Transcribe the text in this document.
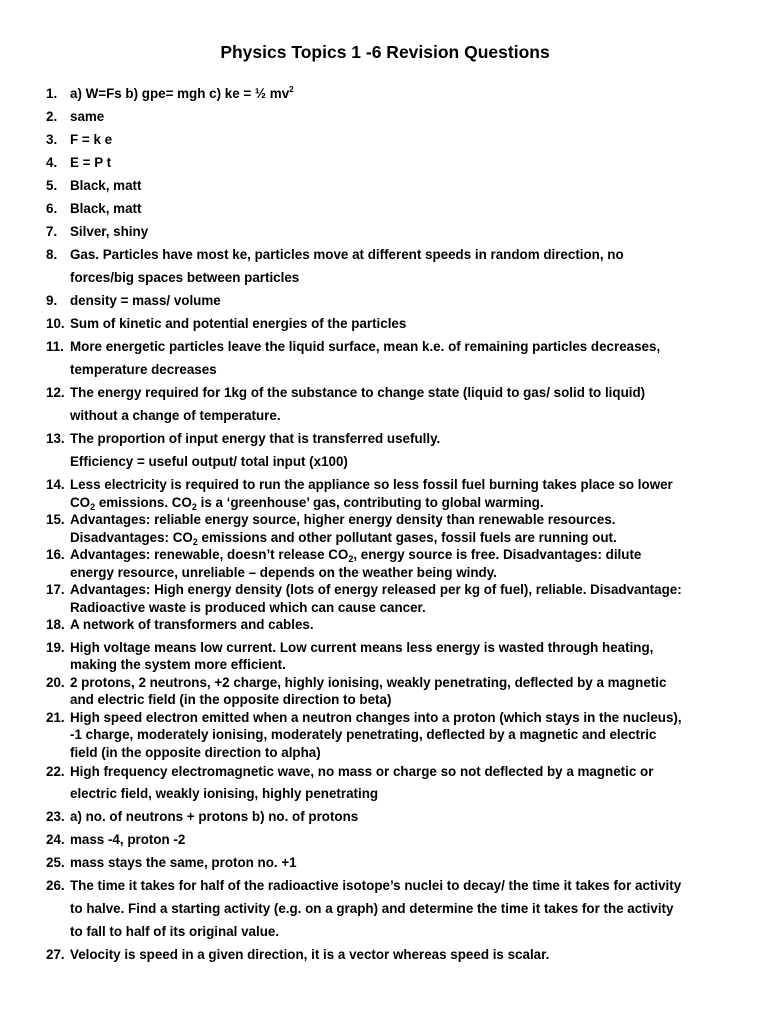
Physics Topics 1 -6 Revision Questions
1. a) W=Fs b) gpe= mgh c) ke = ½ $mv^2$
2. same
3. F = k e
4. E = P t
5. Black, matt
6. Black, matt
7. Silver, shiny
8. Gas. Particles have most ke, particles move at different speeds in random direction, no
forces/big spaces between particles
9. density = mass/ volume
10. Sum of kinetic and potential energies of the particles
11. More energetic particles leave the liquid surface, mean k.e. of remaining particles decreases,
temperature decreases
12. The energy required for 1kg of the substance to change state (liquid to gas/ solid to liquid)
without a change of temperature.
13. The proportion of input energy that is transferred usefully.
Efficiency = useful output/ total input (x100)
14. Less electricity is required to run the appliance so less fossil fuel burning takes place so lower
$CO_2$ emissions. $CO_2$ is a ‘greenhouse’ gas, contributing to global warming.
15. Advantages: reliable energy source, higher energy density than renewable resources.
Disadvantages: $CO_2$ emissions and other pollutant gases, fossil fuels are running out.
16. Advantages: renewable, doesn’t release $CO_2$, energy source is free. Disadvantages: dilute
energy resource, unreliable – depends on the weather being windy.
17. Advantages: High energy density (lots of energy released per kg of fuel), reliable. Disadvantage:
Radioactive waste is produced which can cause cancer.
18. A network of transformers and cables.
19. High voltage means low current. Low current means less energy is wasted through heating,
making the system more efficient.
20. 2 protons, 2 neutrons, +2 charge, highly ionising, weakly penetrating, deflected by a magnetic
and electric field (in the opposite direction to beta)
21. High speed electron emitted when a neutron changes into a proton (which stays in the nucleus),
-1 charge, moderately ionising, moderately penetrating, deflected by a magnetic and electric
field (in the opposite direction to alpha)
22. High frequency electromagnetic wave, no mass or charge so not deflected by a magnetic or
electric field, weakly ionising, highly penetrating
23. a) no. of neutrons + protons b) no. of protons
24. mass -4, proton -2
25. mass stays the same, proton no. +1
26. The time it takes for half of the radioactive isotope’s nuclei to decay/ the time it takes for activity
to halve. Find a starting activity (e.g. on a graph) and determine the time it takes for the activity
to fall to half of its original value.
27. Velocity is speed in a given direction, it is a vector whereas speed is scalar.
